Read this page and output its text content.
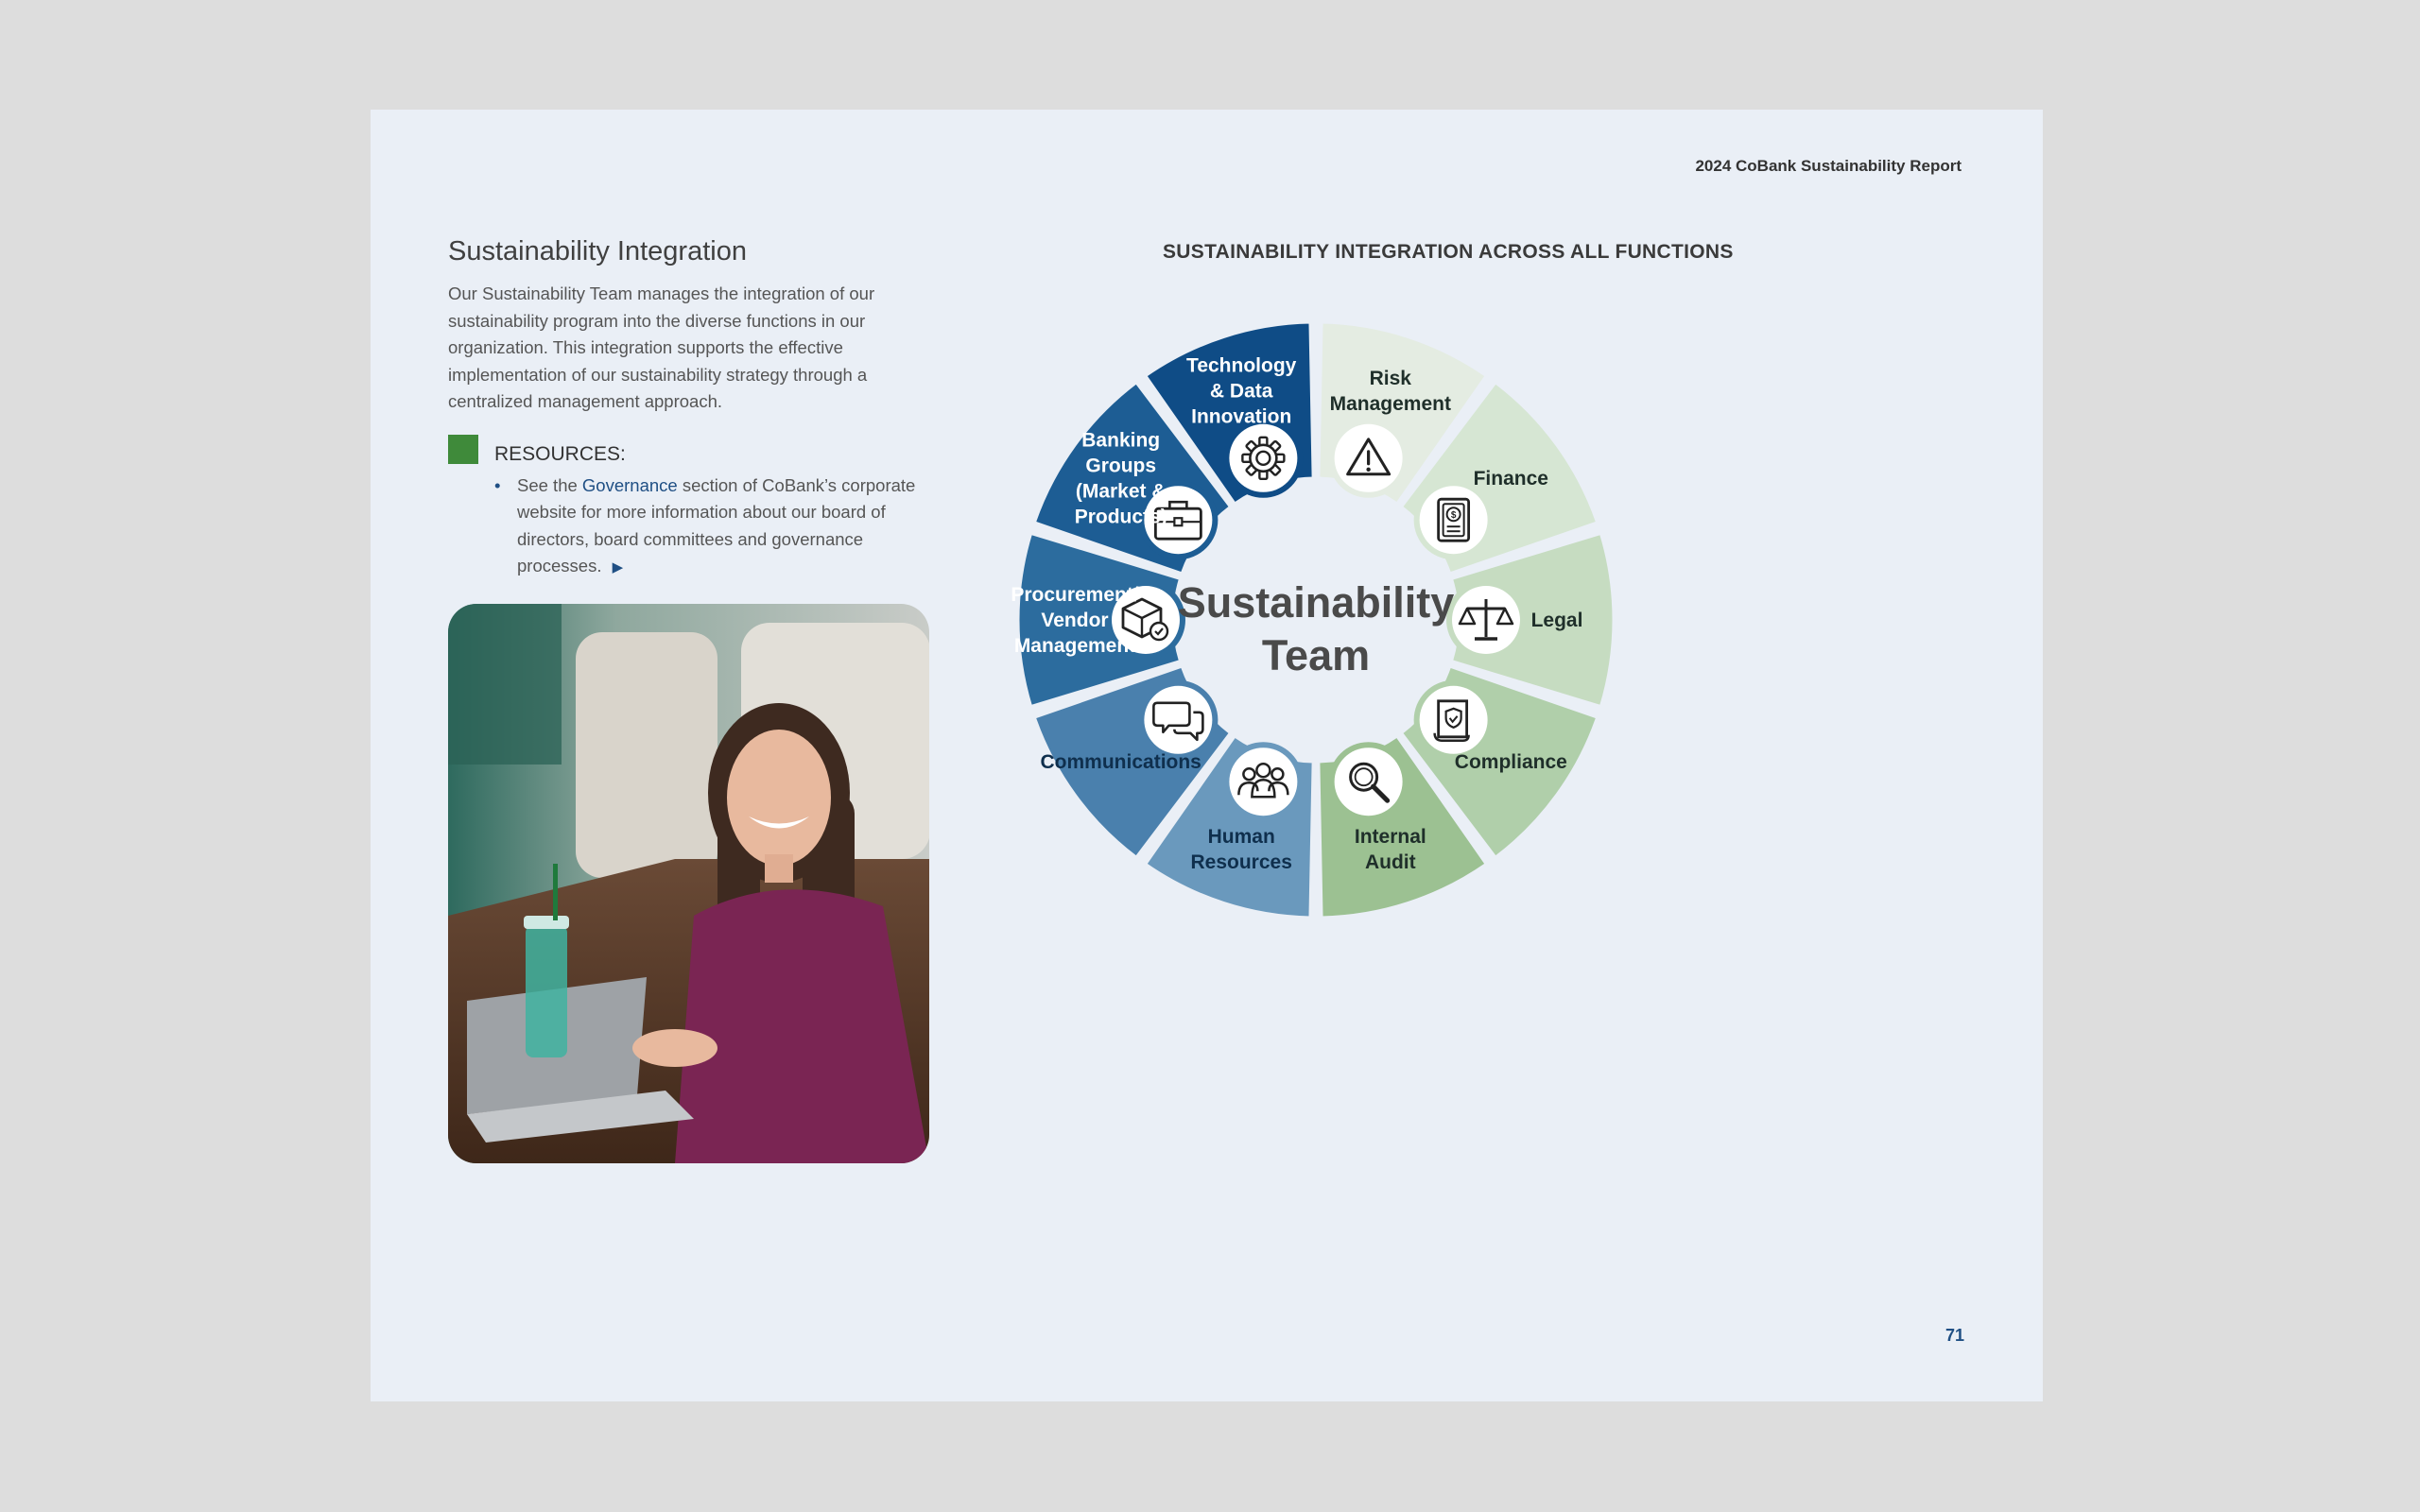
2024 CoBank Sustainability Report
Sustainability Integration

Our Sustainability Team manages the integration of our sustainability program into the diverse functions in our organization. This integration supports the effective implementation of our sustainability strategy through a centralized management approach.

RESOURCES:
• See the Governance section of CoBank’s corporate website for more information about our board of directors, board committees and governance processes. ▶
SUSTAINABILITY INTEGRATION ACROSS ALL FUNCTIONS
Risk Management
$
Finance
Legal
Compliance
Internal Audit
Human Resources
Communications
Procurement/ Vendor Management
Banking Groups (Market & Products)
Technology & Data Innovation
Sustainability
Team
71
